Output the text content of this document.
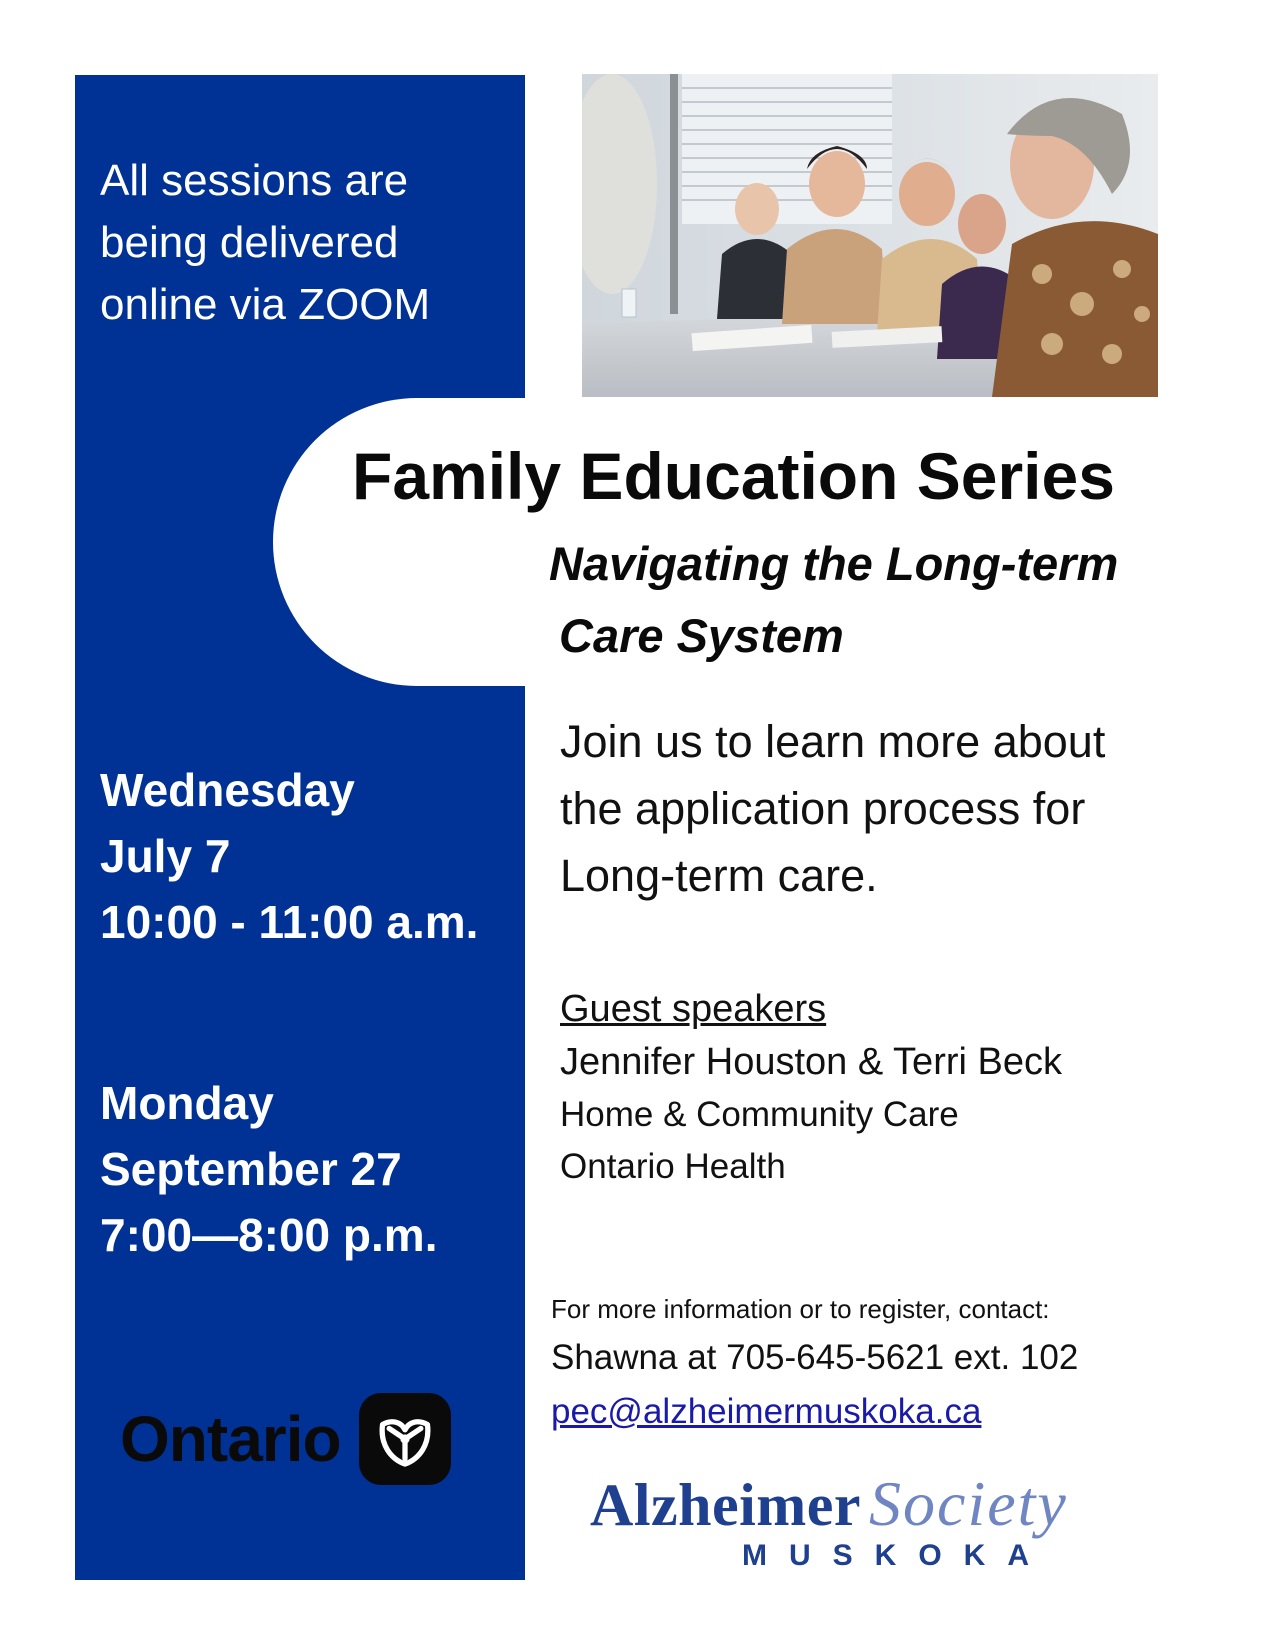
All sessions are
being delivered
online via ZOOM
Wednesday
July 7
10:00 - 11:00 a.m.
Monday
September 27
7:00—8:00 p.m.
Ontario
Family Education Series
Navigating the Long-term
Care System
Join us to learn more about
the application process for
Long-term care.
Guest speakers
Jennifer Houston & Terri Beck
Home & Community Care
Ontario Health
For more information or to register, contact:
Shawna at 705-645-5621 ext. 102
pec@alzheimermuskoka.ca
Alzheimer Society
MUSKOKA
